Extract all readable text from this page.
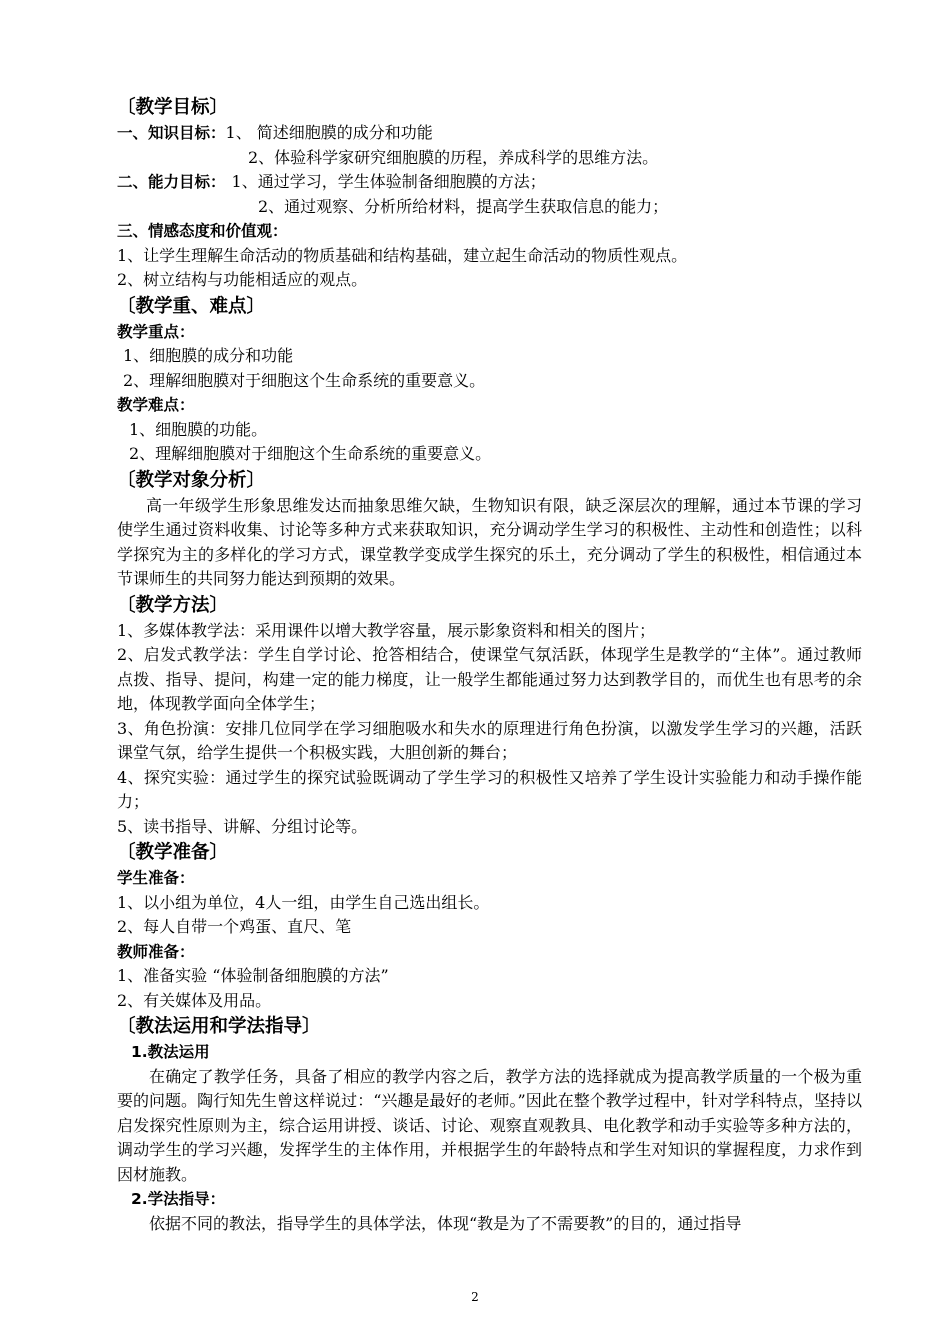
〔教学目标〕
一、知识目标：1、 简述细胞膜的成分和功能
2、体验科学家研究细胞膜的历程，养成科学的思维方法。
二、能力目标： 1、通过学习，学生体验制备细胞膜的方法；
2、通过观察、分析所给材料，提高学生获取信息的能力；
三、情感态度和价值观：
1、让学生理解生命活动的物质基础和结构基础，建立起生命活动的物质性观点。
2、树立结构与功能相适应的观点。
〔教学重、难点〕
教学重点：
1、细胞膜的成分和功能
2、理解细胞膜对于细胞这个生命系统的重要意义。
教学难点：
1、细胞膜的功能。
2、理解细胞膜对于细胞这个生命系统的重要意义。
〔教学对象分析〕
高一年级学生形象思维发达而抽象思维欠缺，生物知识有限，缺乏深层次的理解，通过本节课的学习使学生通过资料收集、讨论等多种方式来获取知识，充分调动学生学习的积极性、主动性和创造性；以科学探究为主的多样化的学习方式，课堂教学变成学生探究的乐土，充分调动了学生的积极性，相信通过本节课师生的共同努力能达到预期的效果。
〔教学方法〕
1、多媒体教学法：采用课件以增大教学容量，展示影象资料和相关的图片；
2、启发式教学法：学生自学讨论、抢答相结合，使课堂气氛活跃，体现学生是教学的“主体”。通过教师点拨、指导、提问，构建一定的能力梯度，让一般学生都能通过努力达到教学目的，而优生也有思考的余地，体现教学面向全体学生；
3、角色扮演：安排几位同学在学习细胞吸水和失水的原理进行角色扮演，以激发学生学习的兴趣，活跃课堂气氛，给学生提供一个积极实践，大胆创新的舞台；
4、探究实验：通过学生的探究试验既调动了学生学习的积极性又培养了学生设计实验能力和动手操作能力；
5、读书指导、讲解、分组讨论等。
〔教学准备〕
学生准备：
1、以小组为单位，4人一组，由学生自己选出组长。
2、每人自带一个鸡蛋、直尺、笔
教师准备：
1、准备实验 “体验制备细胞膜的方法”
2、有关媒体及用品。
〔教法运用和学法指导〕
1.教法运用
在确定了教学任务，具备了相应的教学内容之后，教学方法的选择就成为提高教学质量的一个极为重要的问题。陶行知先生曾这样说过：“兴趣是最好的老师。”因此在整个教学过程中，针对学科特点，坚持以启发探究性原则为主，综合运用讲授、谈话、讨论、观察直观教具、电化教学和动手实验等多种方法的，调动学生的学习兴趣，发挥学生的主体作用，并根据学生的年龄特点和学生对知识的掌握程度，力求作到因材施教。
2.学法指导：
依据不同的教法，指导学生的具体学法，体现“教是为了不需要教”的目的，通过指导
2
